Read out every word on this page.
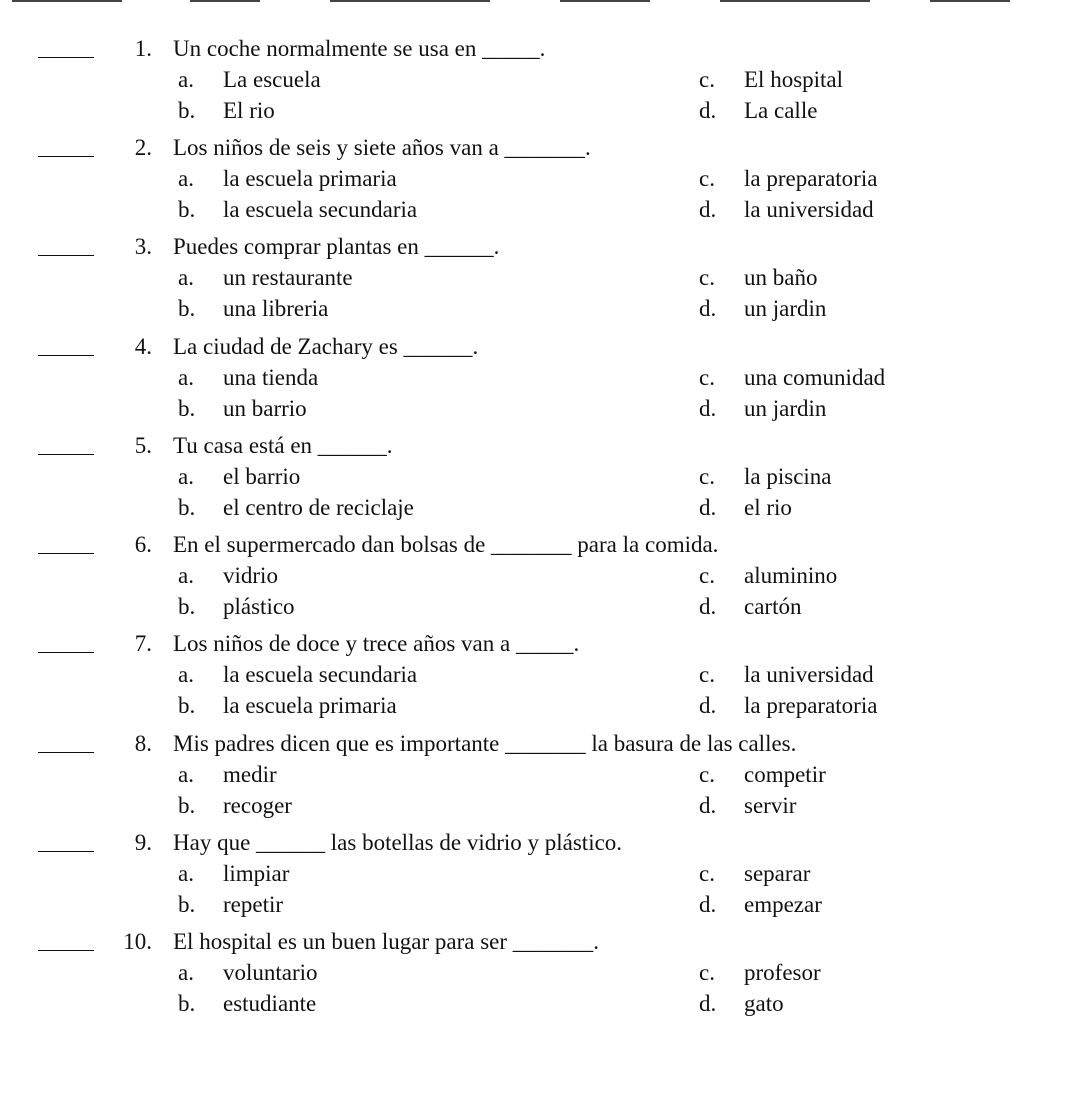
1. Un coche normalmente se usa en _____.

a.

La escuela

b.

El rio

c.

El hospital

d.

La calle

2. Los niños de seis y siete años van a _______.

a.

la escuela primaria

b.

la escuela secundaria

c.

la preparatoria

d.

la universidad

3. Puedes comprar plantas en ______.

a.

un restaurante

b.

una libreria

c.

un baño

d.

un jardin

4. La ciudad de Zachary es ______.

a.

una tienda

b.

un barrio

c.

una comunidad

d.

un jardin

5. Tu casa está en ______.

a.

el barrio

b.

el centro de reciclaje

c.

la piscina

d.

el rio

6. En el supermercado dan bolsas de _______ para la comida.

a.

vidrio

b.

plástico

c.

aluminino

d.

cartón

7. Los niños de doce y trece años van a _____.

a.

la escuela secundaria

b.

la escuela primaria

c.

la universidad

d.

la preparatoria

8. Mis padres dicen que es importante _______ la basura de las calles.

a.

medir

b.

recoger

c.

competir

d.

servir

9. Hay que ______ las botellas de vidrio y plástico.

a.

limpiar

b.

repetir

c.

separar

d.

empezar

10. El hospital es un buen lugar para ser _______.

a.

voluntario

b.

estudiante

c.

profesor

d.

gato
